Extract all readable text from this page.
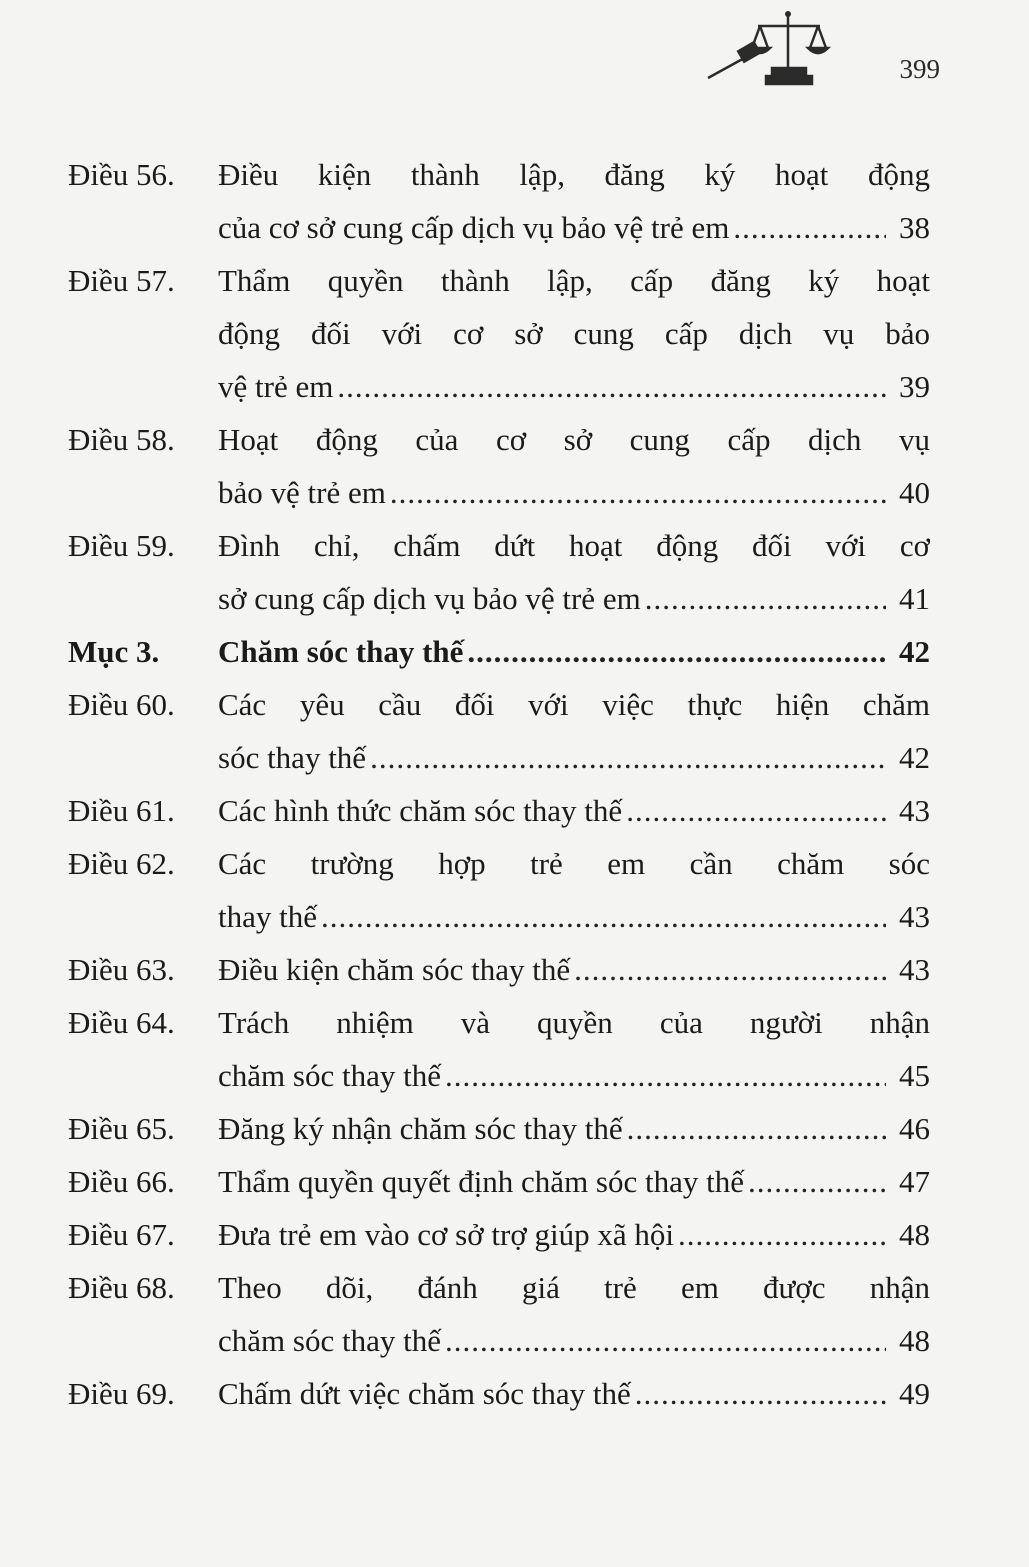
399
Điều 56.	Điều kiện thành lập, đăng ký hoạt động
của cơ sở cung cấp dịch vụ bảo vệ trẻ em .....	38
Điều 57.	Thẩm quyền thành lập, cấp đăng ký hoạt
động đối với cơ sở cung cấp dịch vụ bảo
vệ trẻ em .....	39
Điều 58.	Hoạt động của cơ sở cung cấp dịch vụ
bảo vệ trẻ em .....	40
Điều 59.	Đình chỉ, chấm dứt hoạt động đối với cơ
sở cung cấp dịch vụ bảo vệ trẻ em .....	41
Mục 3.	Chăm sóc thay thế .....	42
Điều 60.	Các yêu cầu đối với việc thực hiện chăm
sóc thay thế .....	42
Điều 61.	Các hình thức chăm sóc thay thế .....	43
Điều 62.	Các trường hợp trẻ em cần chăm sóc
thay thế .....	43
Điều 63.	Điều kiện chăm sóc thay thế .....	43
Điều 64.	Trách nhiệm và quyền của người nhận
chăm sóc thay thế .....	45
Điều 65.	Đăng ký nhận chăm sóc thay thế .....	46
Điều 66.	Thẩm quyền quyết định chăm sóc thay thế .....	47
Điều 67.	Đưa trẻ em vào cơ sở trợ giúp xã hội .....	48
Điều 68.	Theo dõi, đánh giá trẻ em được nhận
chăm sóc thay thế .....	48
Điều 69.	Chấm dứt việc chăm sóc thay thế .....	49
